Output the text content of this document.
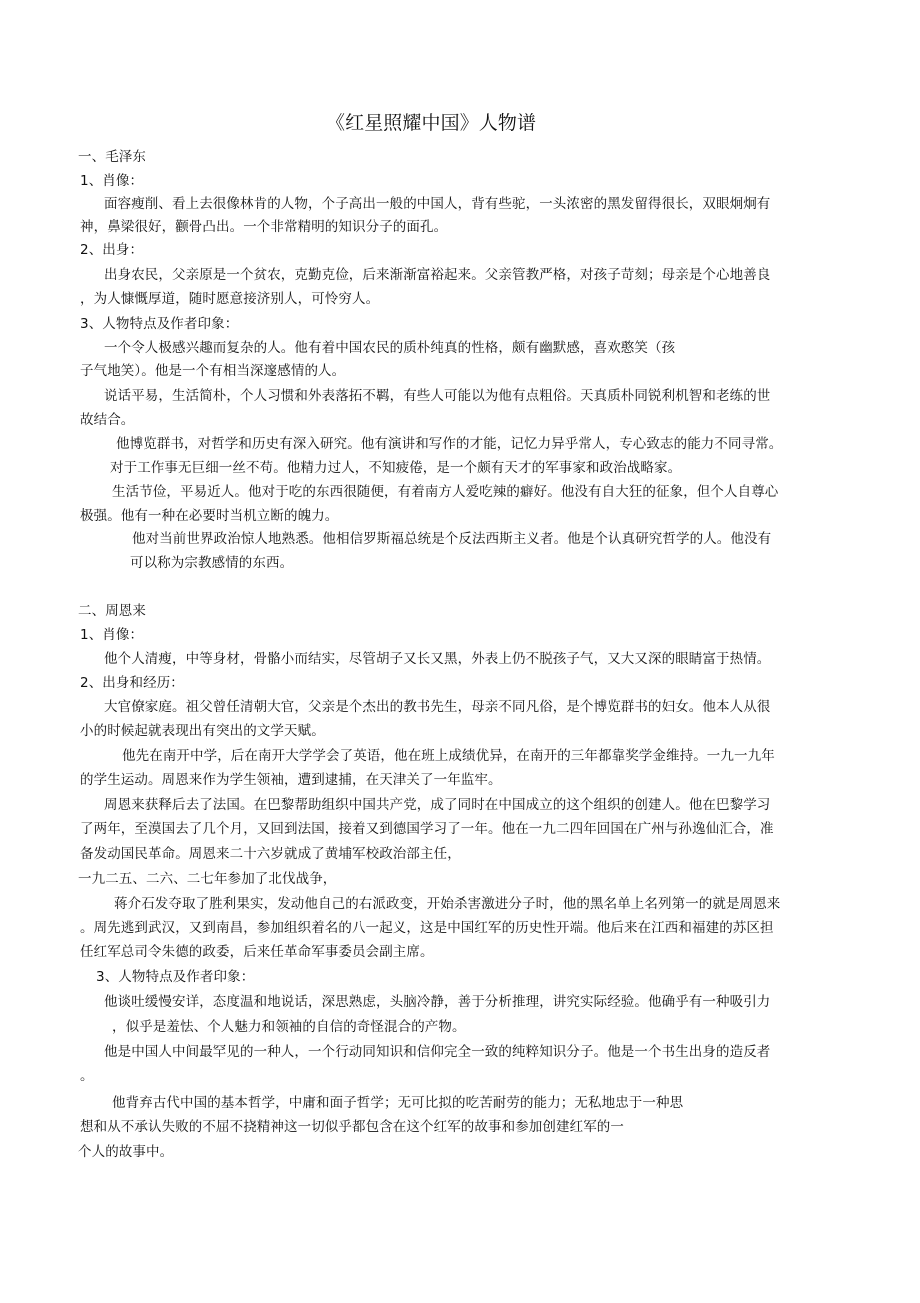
《红星照耀中国》人物谱
一、毛泽东
1、肖像：
面容瘦削、看上去很像林肯的人物，个子高出一般的中国人，背有些驼，一头浓密的黑发留得很长，双眼炯炯有
神，鼻梁很好，颧骨凸出。一个非常精明的知识分子的面孔。
2、出身：
出身农民，父亲原是一个贫农，克勤克俭，后来渐渐富裕起来。父亲管教严格，对孩子苛刻；母亲是个心地善良
，为人慷慨厚道，随时愿意接济别人，可怜穷人。
3、人物特点及作者印象：
一个令人极感兴趣而复杂的人。他有着中国农民的质朴纯真的性格，颇有幽默感，喜欢憨笑（孩
子气地笑）。他是一个有相当深邃感情的人。
说话平易，生活简朴，个人习惯和外表落拓不羁，有些人可能以为他有点粗俗。天真质朴同锐利机智和老练的世
故结合。
他博览群书，对哲学和历史有深入研究。他有演讲和写作的才能，记忆力异乎常人，专心致志的能力不同寻常。
对于工作事无巨细一丝不苟。他精力过人，不知疲倦，是一个颇有天才的军事家和政治战略家。
生活节俭，平易近人。他对于吃的东西很随便，有着南方人爱吃辣的癖好。他没有自大狂的征象，但个人自尊心
极强。他有一种在必要时当机立断的魄力。
他对当前世界政治惊人地熟悉。他相信罗斯福总统是个反法西斯主义者。他是个认真研究哲学的人。他没有
可以称为宗教感情的东西。
二、周恩来
1、肖像：
他个人清瘦，中等身材，骨骼小而结实，尽管胡子又长又黑，外表上仍不脱孩子气，又大又深的眼睛富于热情。
2、出身和经历：
大官僚家庭。祖父曾任清朝大官，父亲是个杰出的教书先生，母亲不同凡俗，是个博览群书的妇女。他本人从很
小的时候起就表现出有突出的文学天赋。
他先在南开中学，后在南开大学学会了英语，他在班上成绩优异，在南开的三年都靠奖学金维持。一九一九年
的学生运动。周恩来作为学生领袖，遭到逮捕，在天津关了一年监牢。
周恩来获释后去了法国。在巴黎帮助组织中国共产党，成了同时在中国成立的这个组织的创建人。他在巴黎学习
了两年，至漠国去了几个月，又回到法国，接着又到德国学习了一年。他在一九二四年回国在广州与孙逸仙汇合，准
备发动国民革命。周恩来二十六岁就成了黄埔军校政治部主任，
一九二五、二六、二七年参加了北伐战争，
蒋介石发夺取了胜利果实，发动他自己的右派政变，开始杀害激进分子时，他的黑名单上名列第一的就是周恩来
。周先逃到武汉，又到南昌，参加组织着名的八一起义，这是中国红军的历史性开端。他后来在江西和福建的苏区担
任红军总司令朱德的政委，后来任革命军事委员会副主席。
3、人物特点及作者印象：
他谈吐缓慢安详，态度温和地说话，深思熟虑，头脑冷静，善于分析推理，讲究实际经验。他确乎有一种吸引力
，似乎是羞怯、个人魅力和领袖的自信的奇怪混合的产物。
他是中国人中间最罕见的一种人，一个行动同知识和信仰完全一致的纯粹知识分子。他是一个书生出身的造反者
。
他背弃古代中国的基本哲学，中庸和面子哲学；无可比拟的吃苦耐劳的能力；无私地忠于一种思
想和从不承认失败的不屈不挠精神这一切似乎都包含在这个红军的故事和参加创建红军的一
个人的故事中。
